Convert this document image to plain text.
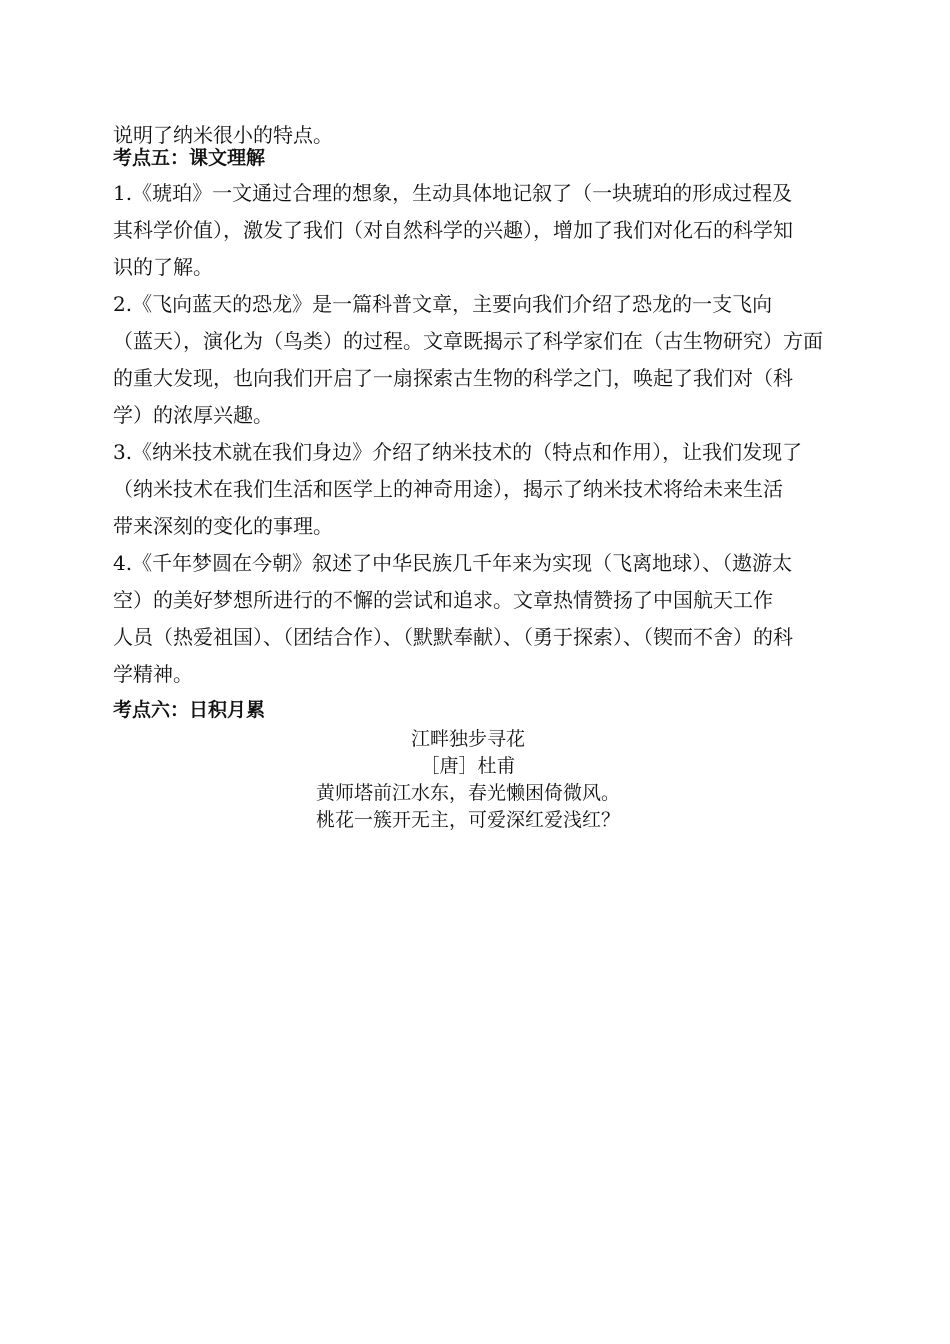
说明了纳米很小的特点。

考点五：课文理解

1.《琥珀》一文通过合理的想象，生动具体地记叙了（一块琥珀的形成过程及
其科学价值），激发了我们（对自然科学的兴趣），增加了我们对化石的科学知
识的了解。

2.《飞向蓝天的恐龙》是一篇科普文章，主要向我们介绍了恐龙的一支飞向
（蓝天），演化为（鸟类）的过程。文章既揭示了科学家们在（古生物研究）方面
的重大发现，也向我们开启了一扇探索古生物的科学之门，唤起了我们对（科
学）的浓厚兴趣。

3.《纳米技术就在我们身边》介绍了纳米技术的（特点和作用），让我们发现了
（纳米技术在我们生活和医学上的神奇用途），揭示了纳米技术将给未来生活
带来深刻的变化的事理。

4.《千年梦圆在今朝》叙述了中华民族几千年来为实现（飞离地球）、（遨游太
空）的美好梦想所进行的不懈的尝试和追求。文章热情赞扬了中国航天工作
人员（热爱祖国）、（团结合作）、（默默奉献）、（勇于探索）、（锲而不舍）的科
学精神。

考点六：日积月累
江畔独步寻花
［唐］杜甫
黄师塔前江水东，春光懒困倚微风。
桃花一簇开无主，可爱深红爱浅红？
